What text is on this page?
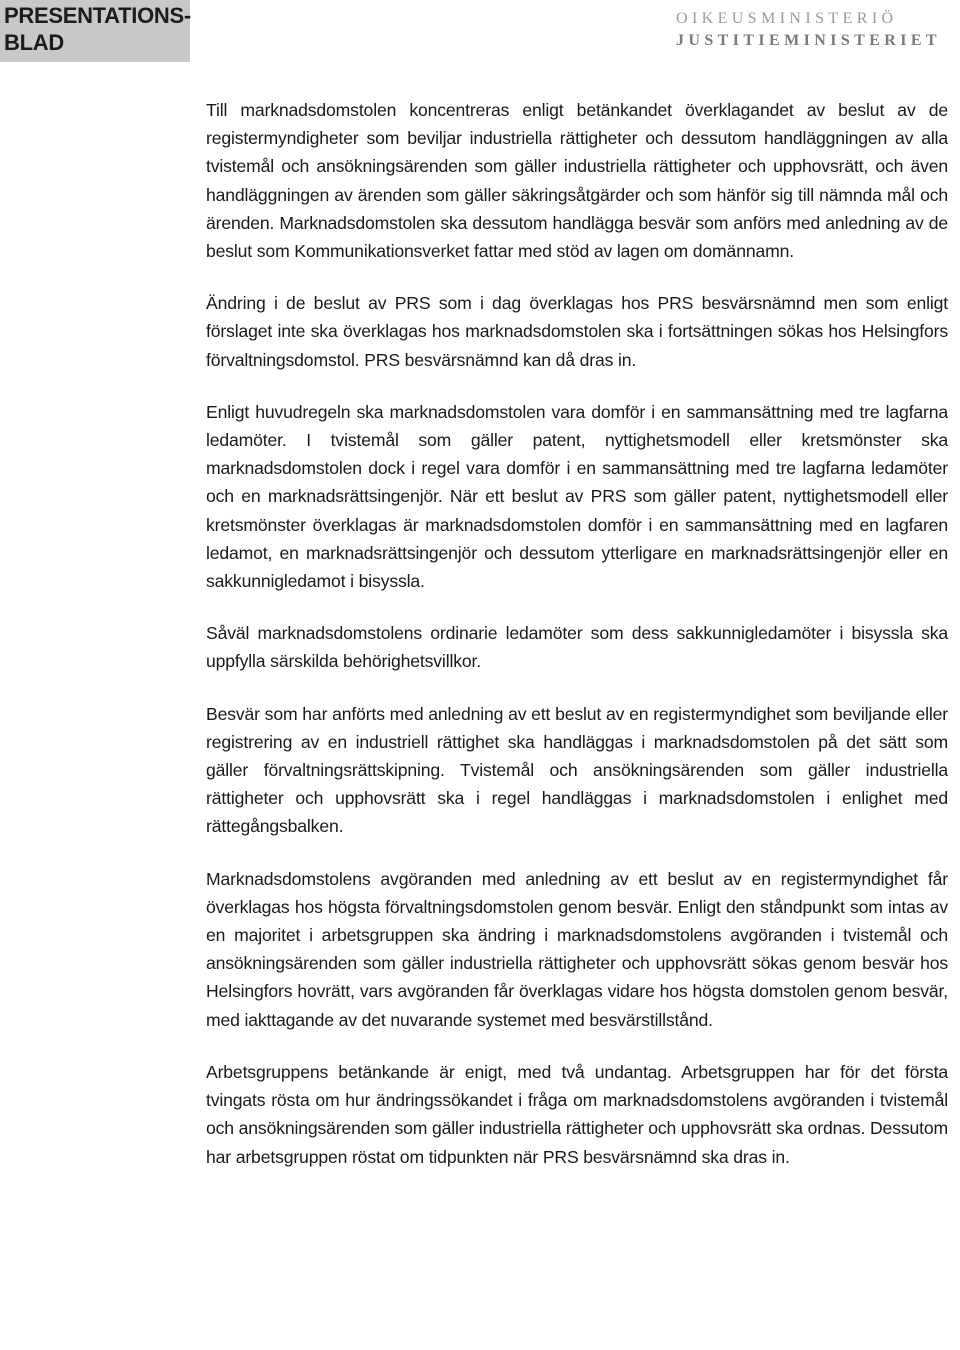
PRESENTATIONS-
BLAD
OIKEUSMINISTERIÖ
JUSTITIEMINISTERIET

Till marknadsdomstolen koncentreras enligt betänkandet överklagandet av beslut av de registermyndigheter som beviljar industriella rättigheter och dessutom handläggningen av alla tvistemål och ansökningsärenden som gäller industriella rättigheter och upphovsrätt, och även handläggningen av ärenden som gäller säkringsåtgärder och som hänför sig till nämnda mål och ärenden. Marknadsdomstolen ska dessutom handlägga besvär som anförs med anledning av de beslut som Kommunikationsverket fattar med stöd av lagen om domännamn.

Ändring i de beslut av PRS som i dag överklagas hos PRS besvärsnämnd men som enligt förslaget inte ska överklagas hos marknadsdomstolen ska i fortsättningen sökas hos Helsingfors förvaltningsdomstol. PRS besvärsnämnd kan då dras in.

Enligt huvudregeln ska marknadsdomstolen vara domför i en sammansättning med tre lagfarna ledamöter. I tvistemål som gäller patent, nyttighetsmodell eller kretsmönster ska marknadsdomstolen dock i regel vara domför i en sammansättning med tre lagfarna ledamöter och en marknadsrättsingenjör. När ett beslut av PRS som gäller patent, nyttighetsmodell eller kretsmönster överklagas är marknadsdomstolen domför i en sammansättning med en lagfaren ledamot, en marknadsrättsingenjör och dessutom ytterligare en marknadsrättsingenjör eller en sakkunnigledamot i bisyssla.

Såväl marknadsdomstolens ordinarie ledamöter som dess sakkunnigledamöter i bisyssla ska uppfylla särskilda behörighetsvillkor.

Besvär som har anförts med anledning av ett beslut av en registermyndighet som beviljande eller registrering av en industriell rättighet ska handläggas i marknadsdomstolen på det sätt som gäller förvaltningsrättskipning. Tvistemål och ansökningsärenden som gäller industriella rättigheter och upphovsrätt ska i regel handläggas i marknadsdomstolen i enlighet med rättegångsbalken.

Marknadsdomstolens avgöranden med anledning av ett beslut av en registermyndighet får överklagas hos högsta förvaltningsdomstolen genom besvär. Enligt den ståndpunkt som intas av en majoritet i arbetsgruppen ska ändring i marknadsdomstolens avgöranden i tvistemål och ansökningsärenden som gäller industriella rättigheter och upphovsrätt sökas genom besvär hos Helsingfors hovrätt, vars avgöranden får överklagas vidare hos högsta domstolen genom besvär, med iakttagande av det nuvarande systemet med besvärstillstånd.

Arbetsgruppens betänkande är enigt, med två undantag. Arbetsgruppen har för det första tvingats rösta om hur ändringssökandet i fråga om marknadsdomstolens avgöranden i tvistemål och ansökningsärenden som gäller industriella rättigheter och upphovsrätt ska ordnas. Dessutom har arbetsgruppen röstat om tidpunkten när PRS besvärsnämnd ska dras in.
